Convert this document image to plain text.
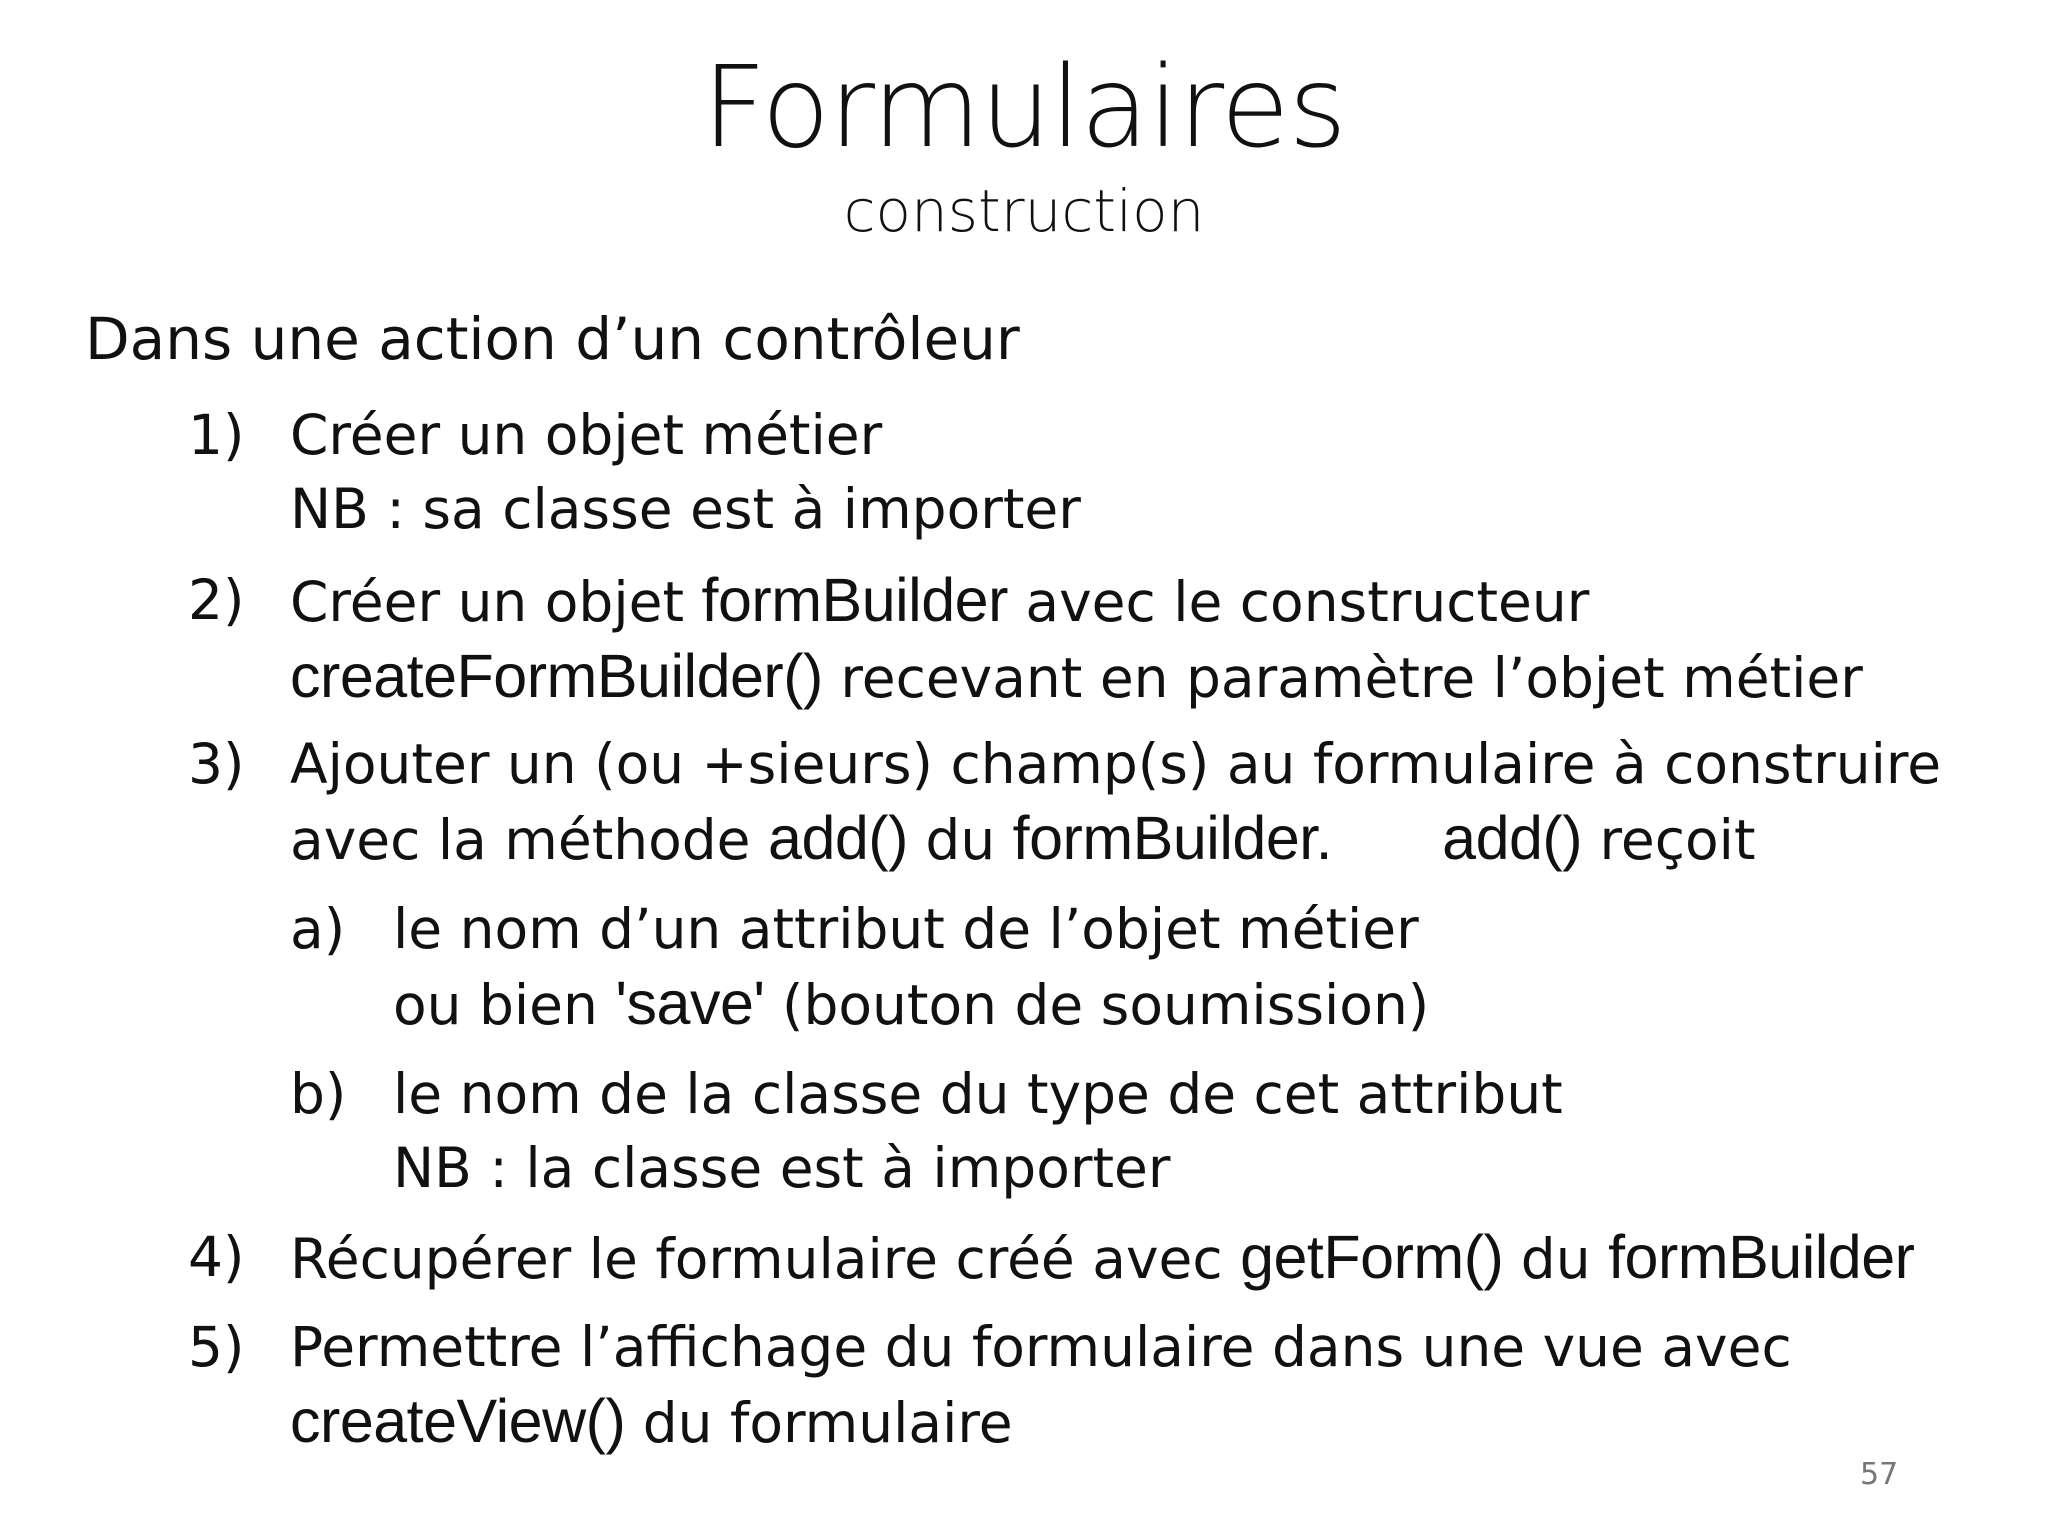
Formulaires
construction
Dans une action d’un contrôleur
1) Créer un objet métier
NB : sa classe est à importer
2) Créer un objet formBuilder avec le constructeur
createFormBuilder() recevant en paramètre l’objet métier
3) Ajouter un (ou +sieurs) champ(s) au formulaire à construire
avec la méthode add() du formBuilder. add() reçoit
a) le nom d’un attribut de l’objet métier
ou bien 'save' (bouton de soumission)
b) le nom de la classe du type de cet attribut
NB : la classe est à importer
4) Récupérer le formulaire créé avec getForm() du formBuilder
5) Permettre l’affichage du formulaire dans une vue avec
createView() du formulaire
57
